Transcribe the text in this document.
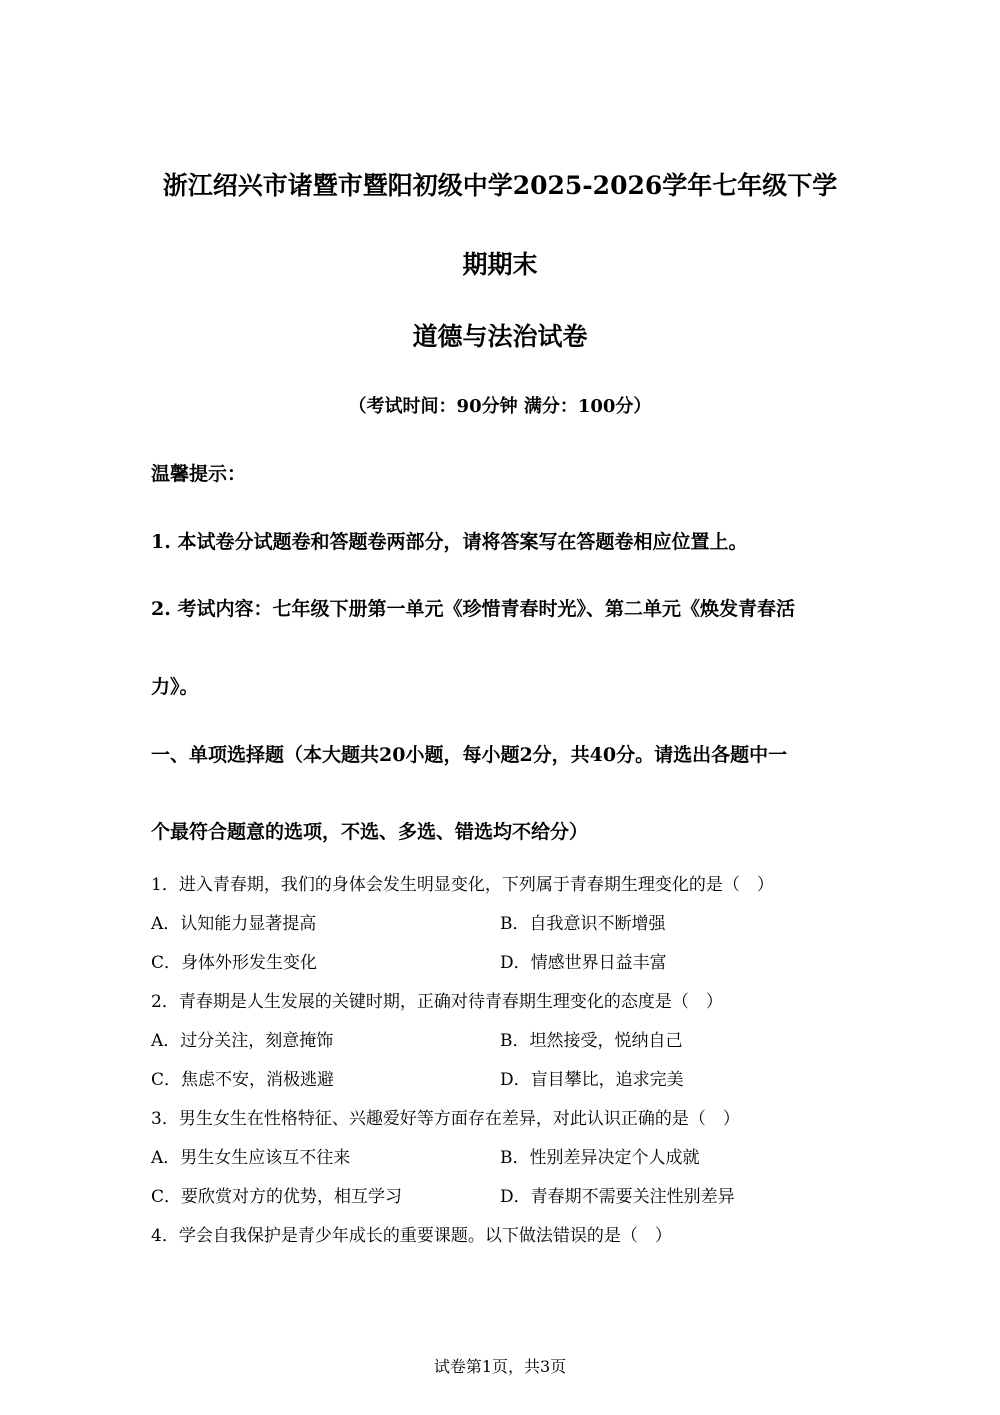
浙江绍兴市诸暨市暨阳初级中学2025-2026学年七年级下学
期期末
道德与法治试卷
（考试时间：90分钟 满分：100分）
温馨提示：
1. 本试卷分试题卷和答题卷两部分，请将答案写在答题卷相应位置上。
2. 考试内容：七年级下册第一单元《珍惜青春时光》、第二单元《焕发青春活
力》。
一、单项选择题（本大题共20小题，每小题2分，共40分。请选出各题中一
个最符合题意的选项，不选、多选、错选均不给分）
1．进入青春期，我们的身体会发生明显变化，下列属于青春期生理变化的是（　）
A．认知能力显著提高	B．自我意识不断增强
C．身体外形发生变化	D．情感世界日益丰富
2．青春期是人生发展的关键时期，正确对待青春期生理变化的态度是（　）
A．过分关注，刻意掩饰	B．坦然接受，悦纳自己
C．焦虑不安，消极逃避	D．盲目攀比，追求完美
3．男生女生在性格特征、兴趣爱好等方面存在差异，对此认识正确的是（　）
A．男生女生应该互不往来	B．性别差异决定个人成就
C．要欣赏对方的优势，相互学习	D．青春期不需要关注性别差异
4．学会自我保护是青少年成长的重要课题。以下做法错误的是（　）
试卷第1页，共3页
